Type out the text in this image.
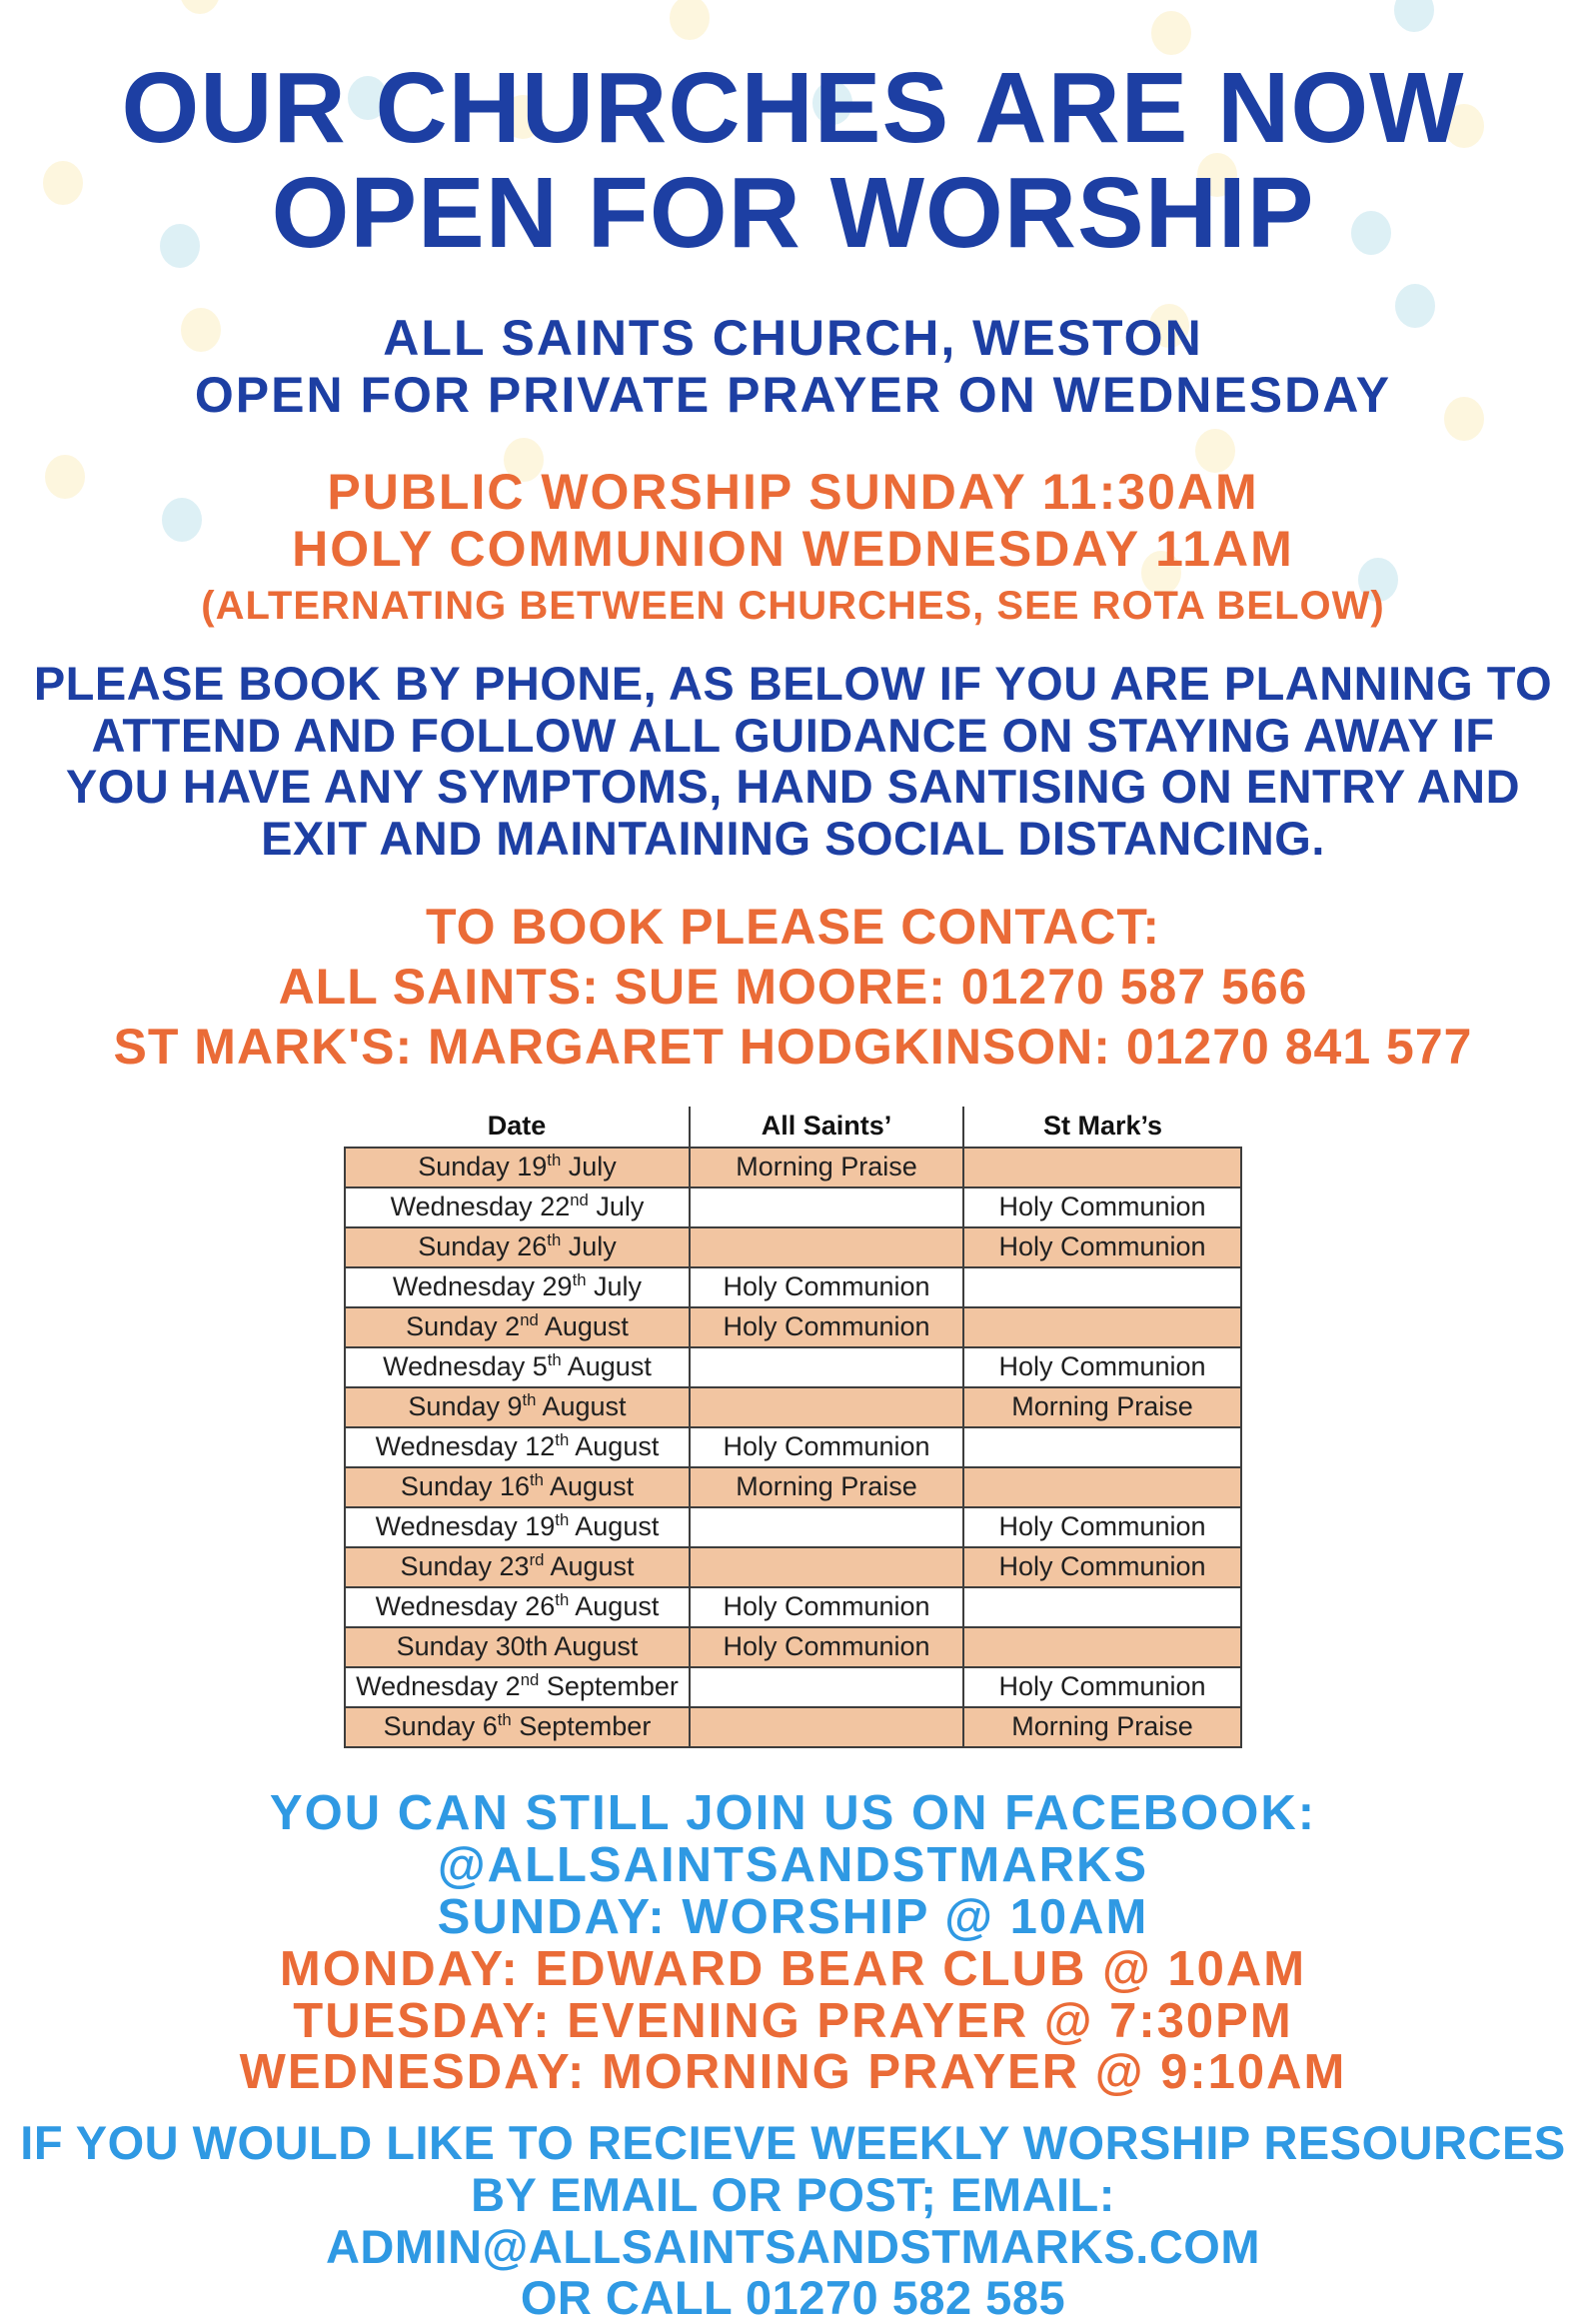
OUR CHURCHES ARE NOW
OPEN FOR WORSHIP
ALL SAINTS CHURCH, WESTON
OPEN FOR PRIVATE PRAYER ON WEDNESDAY
PUBLIC WORSHIP SUNDAY 11:30AM
HOLY COMMUNION WEDNESDAY 11AM
(ALTERNATING BETWEEN CHURCHES, SEE ROTA BELOW)
PLEASE BOOK BY PHONE, AS BELOW IF YOU ARE PLANNING TO
ATTEND AND FOLLOW ALL GUIDANCE ON STAYING AWAY IF
YOU HAVE ANY SYMPTOMS, HAND SANTISING ON ENTRY AND
EXIT AND MAINTAINING SOCIAL DISTANCING.
TO BOOK PLEASE CONTACT:
ALL SAINTS: SUE MOORE: 01270 587 566
ST MARK'S: MARGARET HODGKINSON: 01270 841 577
Date	All Saints’	St Mark’s
Sunday 19th July	Morning Praise	
Wednesday 22nd July		Holy Communion
Sunday 26th July		Holy Communion
Wednesday 29th July	Holy Communion	
Sunday 2nd August	Holy Communion	
Wednesday 5th August		Holy Communion
Sunday 9th August		Morning Praise
Wednesday 12th August	Holy Communion	
Sunday 16th August	Morning Praise	
Wednesday 19th August		Holy Communion
Sunday 23rd August		Holy Communion
Wednesday 26th August	Holy Communion	
Sunday 30th August	Holy Communion	
Wednesday 2nd September		Holy Communion
Sunday 6th September		Morning Praise
YOU CAN STILL JOIN US ON FACEBOOK:
@ALLSAINTSANDSTMARKS
SUNDAY: WORSHIP @ 10AM
MONDAY: EDWARD BEAR CLUB @ 10AM
TUESDAY: EVENING PRAYER @ 7:30PM
WEDNESDAY: MORNING PRAYER @ 9:10AM
IF YOU WOULD LIKE TO RECIEVE WEEKLY WORSHIP RESOURCES
BY EMAIL OR POST; EMAIL:
ADMIN@ALLSAINTSANDSTMARKS.COM
OR CALL 01270 582 585
